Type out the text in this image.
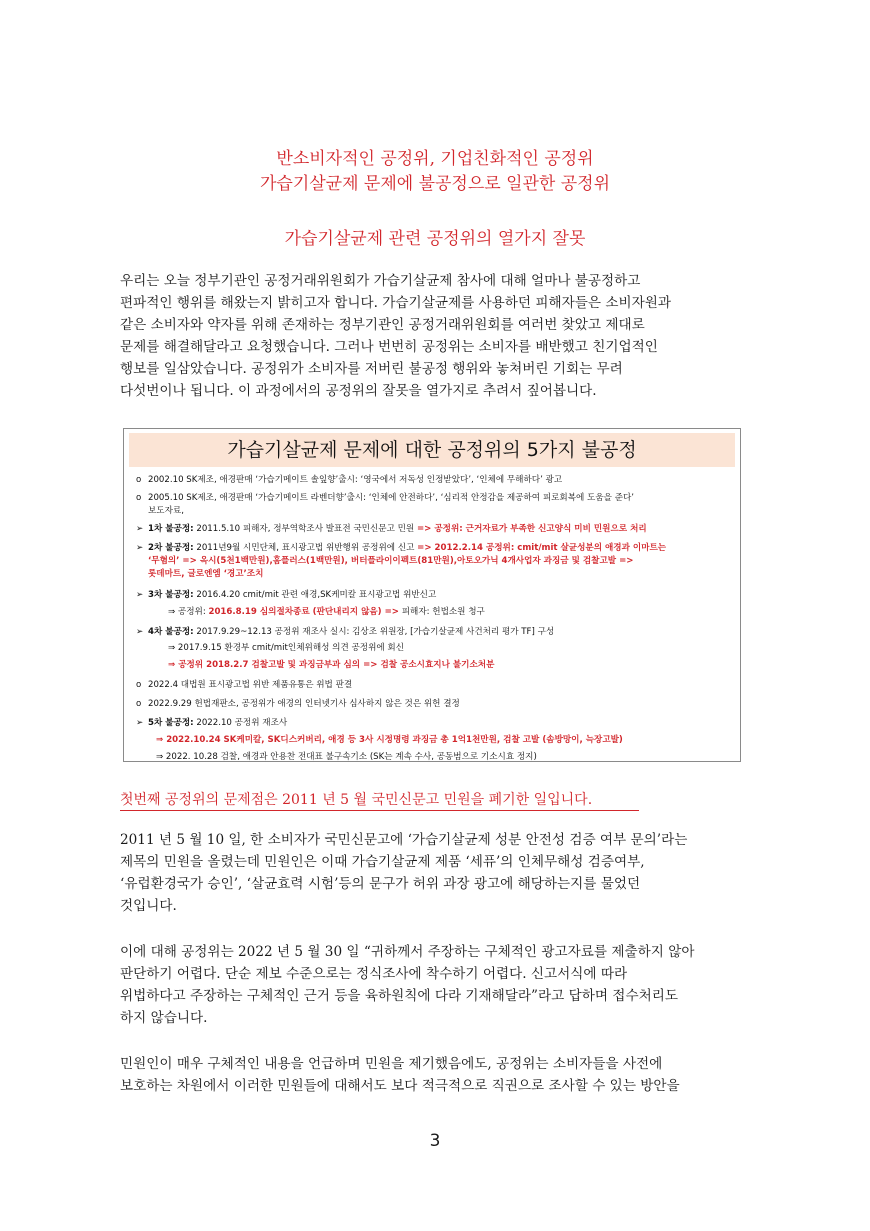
반소비자적인 공정위, 기업친화적인 공정위
가습기살균제 문제에 불공정으로 일관한 공정위
가습기살균제 관련 공정위의 열가지 잘못
우리는 오늘 정부기관인 공정거래위원회가 가습기살균제 참사에 대해 얼마나 불공정하고
편파적인 행위를 해왔는지 밝히고자 합니다. 가습기살균제를 사용하던 피해자들은 소비자원과
같은 소비자와 약자를 위해 존재하는 정부기관인 공정거래위원회를 여러번 찾았고 제대로
문제를 해결해달라고 요청했습니다. 그러나 번번히 공정위는 소비자를 배반했고 친기업적인
행보를 일삼았습니다. 공정위가 소비자를 저버린 불공정 행위와 놓쳐버린 기회는 무려
다섯번이나 됩니다. 이 과정에서의 공정위의 잘못을 열가지로 추려서 짚어봅니다.
가습기살균제 문제에 대한 공정위의 5가지 불공정
o 2002.10 SK제조, 애경판매 ‘가습기메이트 솔잎향’출시: ‘영국에서 저독성 인정받았다’, ‘인체에 무해하다’ 광고
o 2005.10 SK제조, 애경판매 ‘가습기메이트 라벤더향’출시: ‘인체에 안전하다’, ‘심리적 안정감을 제공하여 피로회복에 도움을 준다’
보도자료,
➢ 1차 불공정: 2011.5.10 피해자, 정부역학조사 발표전 국민신문고 민원 => 공정위: 근거자료가 부족한 신고양식 미비 민원으로 처리
➢ 2차 불공정: 2011년9월 시민단체, 표시광고법 위반행위 공정위에 신고 => 2012.2.14 공정위: cmit/mit 살균성분의 애경과 이마트는
‘무혐의’ => 옥시(5천1백만원),홈플러스(1백만원), 버터플라이이펙트(81만원),아토오가닉 4개사업자 과징금 및 검찰고발 =>
롯데마트, 글로엔엠 ‘경고’조치
➢ 3차 불공정: 2016.4.20 cmit/mit 관련 애경,SK케미칼 표시광고법 위반신고
⇒ 공정위: 2016.8.19 심의절차종료 (판단내리지 않음) => 피해자: 헌법소원 청구
➢ 4차 불공정: 2017.9.29~12.13 공정위 재조사 실시: 김상조 위원장, [가습기살균제 사건처리 평가 TF] 구성
⇒ 2017.9.15 환경부 cmit/mit인체위해성 의견 공정위에 회신
⇒ 공정위 2018.2.7 검찰고발 및 과징금부과 심의 => 검찰 공소시효지나 불기소처분
o 2022.4 대법원 표시광고법 위반 제품유통은 위법 판결
o 2022.9.29 헌법재판소, 공정위가 애경의 인터넷기사 심사하지 않은 것은 위헌 결정
➢ 5차 불공정: 2022.10 공정위 재조사
⇒ 2022.10.24 SK케미칼, SK디스커버리, 애경 등 3사 시정명령 과징금 총 1억1천만원, 검찰 고발 (솜방망이, 늑장고발)
⇒ 2022. 10.28 검찰, 애경과 안용찬 전대표 불구속기소 (SK는 계속 수사, 공동범으로 기소시효 정지)
첫번째 공정위의 문제점은 2011 년 5 월 국민신문고 민원을 폐기한 일입니다.
2011 년 5 월 10 일, 한 소비자가 국민신문고에 ‘가습기살균제 성분 안전성 검증 여부 문의’라는
제목의 민원을 올렸는데 민원인은 이때 가습기살균제 제품 ‘세퓨’의 인체무해성 검증여부,
‘유럽환경국가 승인’, ‘살균효력 시험’등의 문구가 허위 과장 광고에 해당하는지를 물었던
것입니다.
이에 대해 공정위는 2022 년 5 월 30 일 “귀하께서 주장하는 구체적인 광고자료를 제출하지 않아
판단하기 어렵다. 단순 제보 수준으로는 정식조사에 착수하기 어렵다. 신고서식에 따라
위법하다고 주장하는 구체적인 근거 등을 육하원칙에 다라 기재해달라”라고 답하며 접수처리도
하지 않습니다.
민원인이 매우 구체적인 내용을 언급하며 민원을 제기했음에도, 공정위는 소비자들을 사전에
보호하는 차원에서 이러한 민원들에 대해서도 보다 적극적으로 직권으로 조사할 수 있는 방안을
3
